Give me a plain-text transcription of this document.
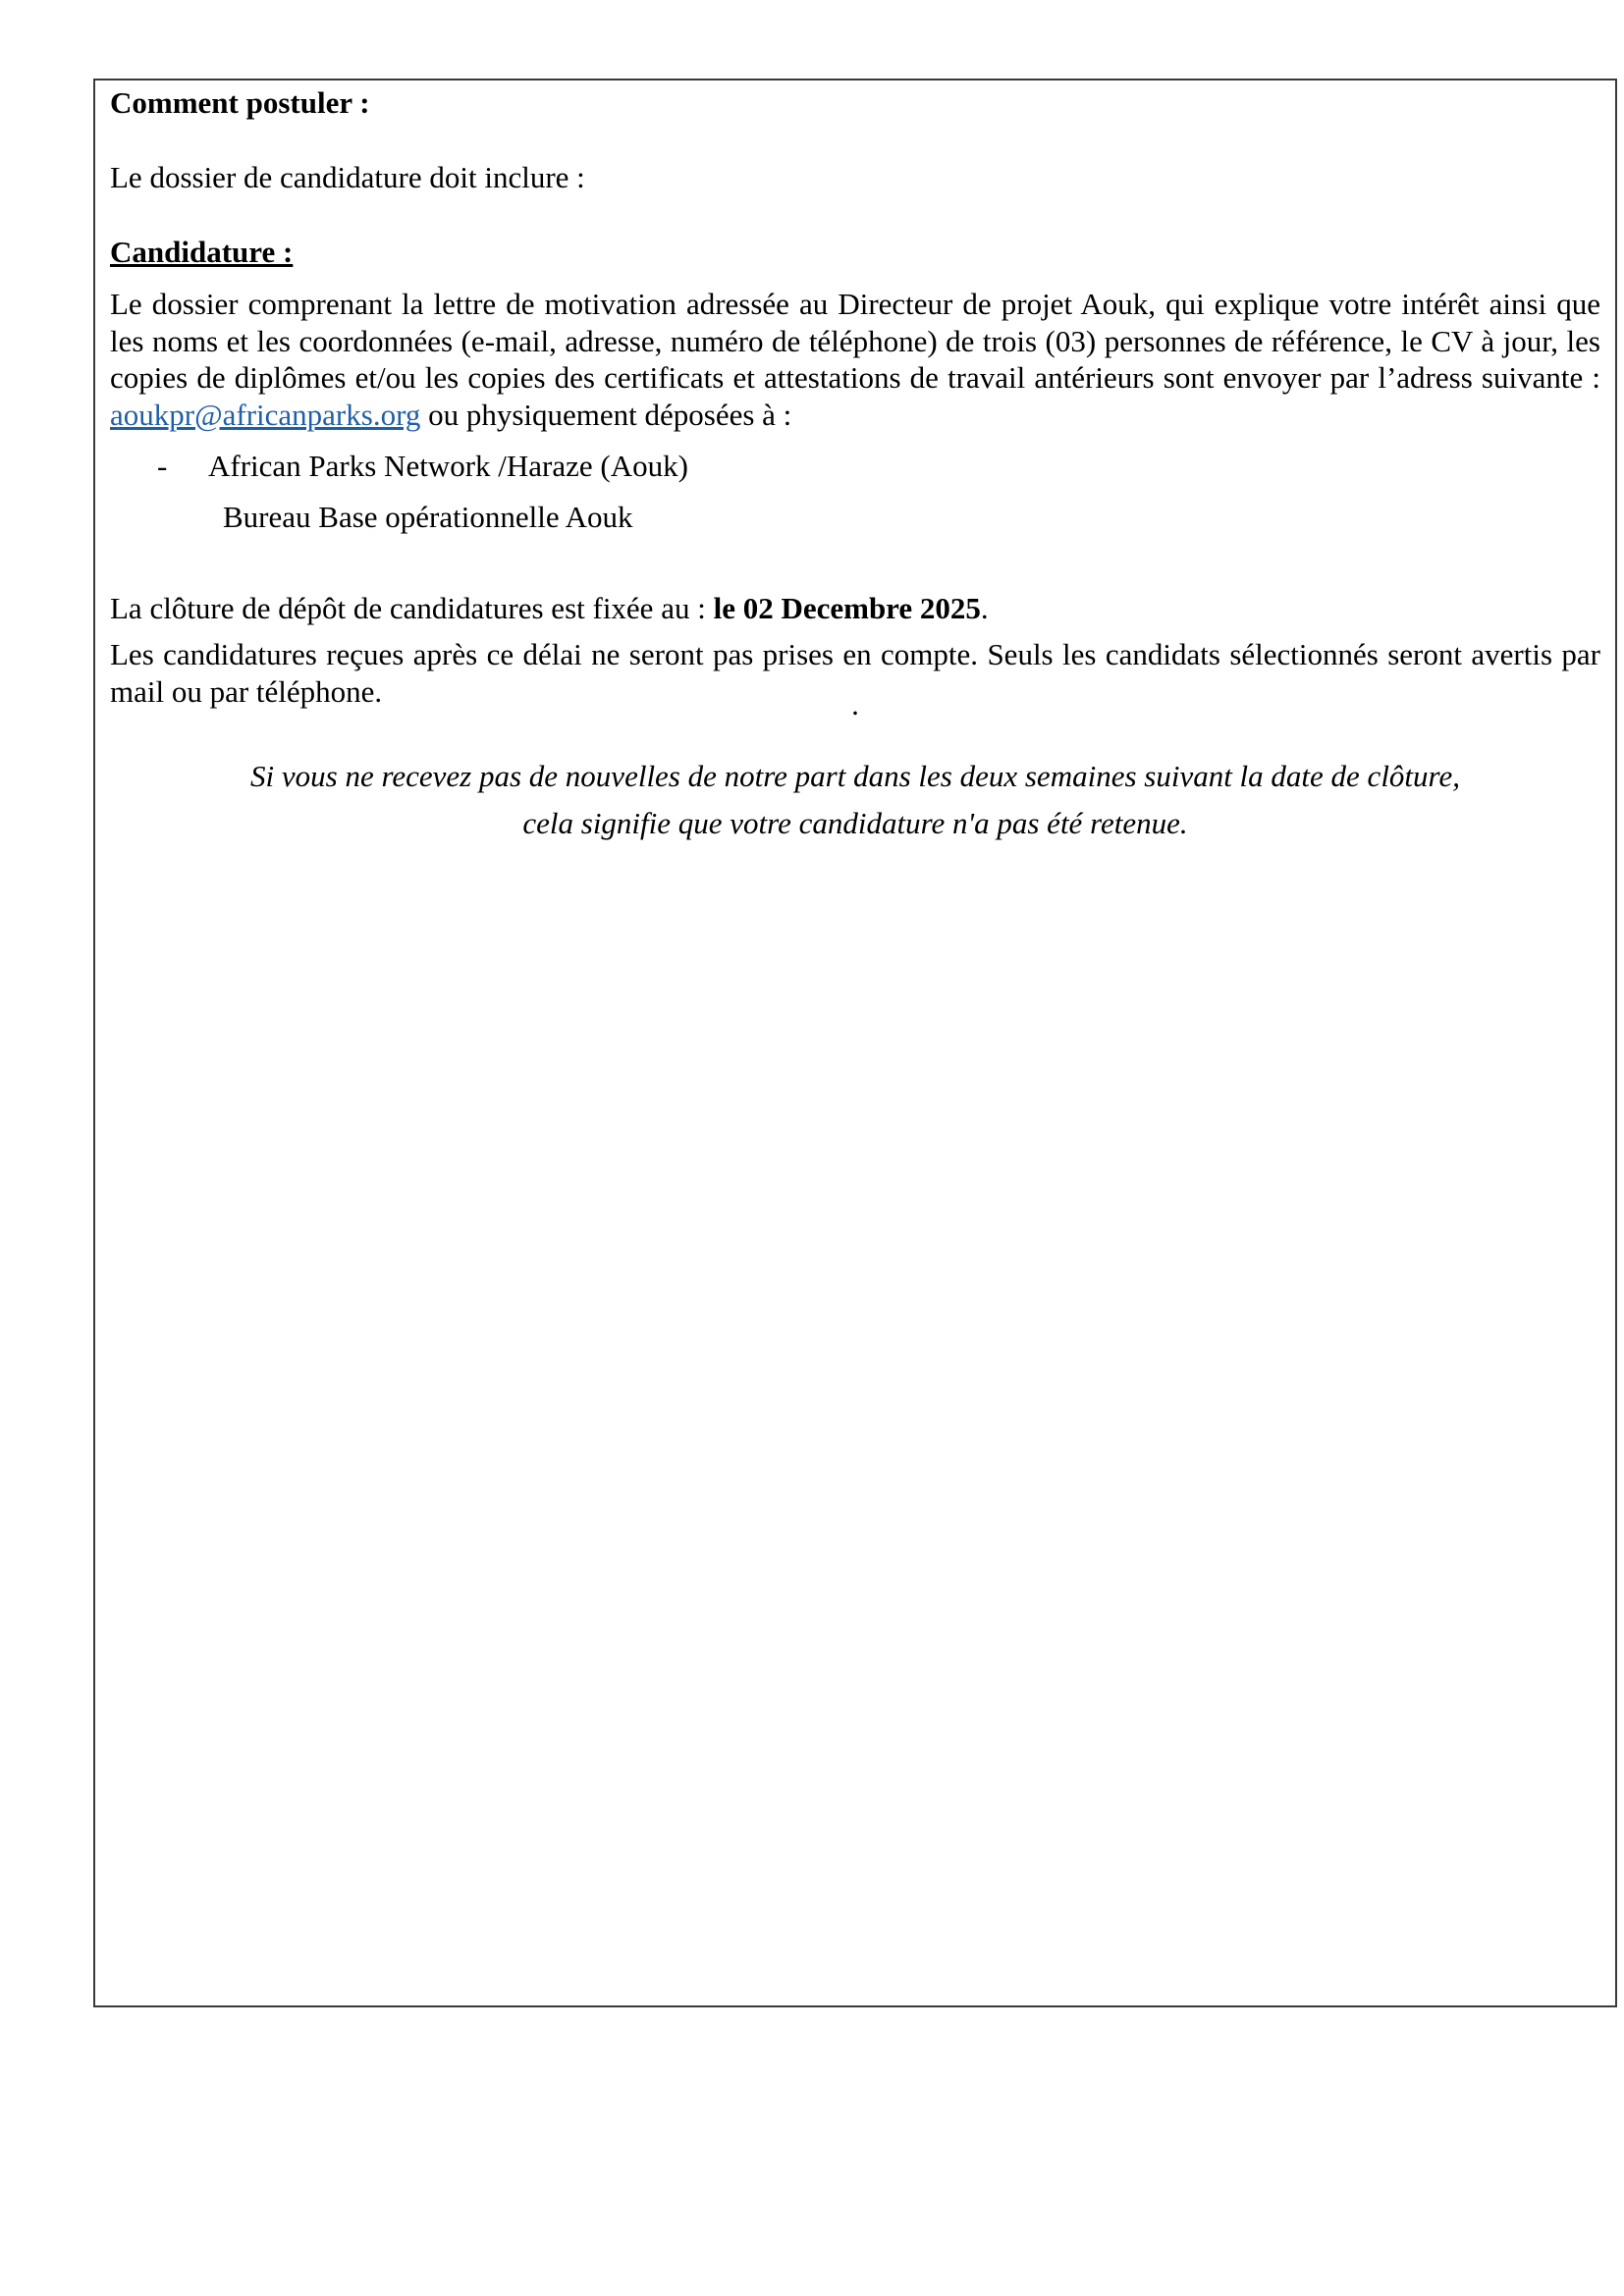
Comment postuler :
Le dossier de candidature doit inclure :
Candidature :
Le dossier comprenant la lettre de motivation adressée au Directeur de projet Aouk, qui explique votre intérêt ainsi que les noms et les coordonnées (e-mail, adresse, numéro de téléphone) de trois (03) personnes de référence, le CV à jour, les copies de diplômes et/ou les copies des certificats et attestations de travail antérieurs sont envoyer par l’adress suivante : aoukpr@africanparks.org ou physiquement déposées à :
- African Parks Network /Haraze (Aouk)
Bureau Base opérationnelle Aouk
La clôture de dépôt de candidatures est fixée au : le 02 Decembre 2025.
Les candidatures reçues après ce délai ne seront pas prises en compte. Seuls les candidats sélectionnés seront avertis par mail ou par téléphone.	.
Si vous ne recevez pas de nouvelles de notre part dans les deux semaines suivant la date de clôture,
cela signifie que votre candidature n'a pas été retenue.
